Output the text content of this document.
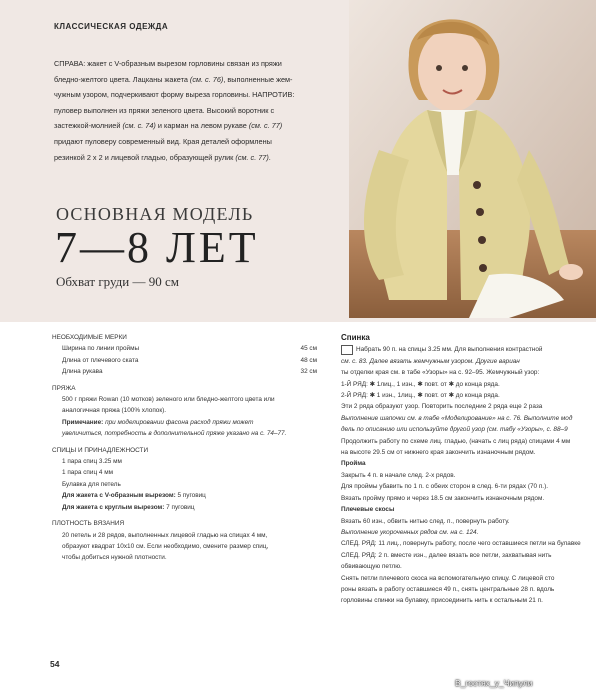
КЛАССИЧЕСКАЯ ОДЕЖДА

СПРАВА: жакет с V-образным вырезом горловины связан из пряжи

бледно-желтого цвета. Лацканы жакета (см. с. 76), выполненные жем-

чужным узором, подчеркивают форму выреза горловины. НАПРОТИВ:

пуловер выполнен из пряжи зеленого цвета. Высокий воротник с

застежкой-молнией (см. с. 74) и карман на левом рукаве (см. с. 77)

придают пуловеру современный вид. Края деталей оформлены

резинкой 2 х 2 и лицевой гладью, образующей рулик (см. с. 77).

ОСНОВНАЯ МОДЕЛЬ
7—8 ЛЕТ
Обхват груди — 90 см

НЕОБХОДИМЫЕ МЕРКИ

Ширина по линии проймы	45 см
Длина от плечевого ската	48 см
Длина рукава	32 см

ПРЯЖА

500 г пряжи Rowan (10 мотков) зеленого или бледно-желтого цвета или

аналогичная пряжа (100% хлопок).

Примечание: при моделировании фасона расход пряжи может

увеличиться, потребность в дополнительной пряже указано на с. 74–77.

СПИЦЫ И ПРИНАДЛЕЖНОСТИ

1 пара спиц 3.25 мм

1 пара спиц 4 мм

Булавка для петель

Для жакета с V-образным вырезом: 5 пуговиц

Для жакета с круглым вырезом: 7 пуговиц

ПЛОТНОСТЬ ВЯЗАНИЯ

20 петель и 28 рядов, выполненных лицевой гладью на спицах 4 мм,

образуют квадрат 10х10 см. Если необходимо, смените размер спиц,

чтобы добиться нужной плотности.

Спинка

Набрать 90 п. на спицы 3.25 мм. Для выполнения контрастной

см. с. 83. Далее вязать жемчужным узором. Другие вариан

ты отделки края см. в табе «Узоры» на с. 92–95. Жемчужный узор:

1-Й РЯД: ✱ 1лиц., 1 изн., ✱ повт. от ✱ до конца ряда.

2-Й РЯД: ✱ 1 изн., 1лиц., ✱ повт. от ✱ до конца ряда.

Эти 2 ряда образуют узор. Повторить последние 2 ряда еще 2 раза

Выполнение шапочки см. в табе «Моделирование» на с. 76. Выполните мод

дель по описанию или используйте другой узор (см. табу «Узоры», с. 88–9

Продолжить работу по схеме лиц. гладью, (начать с лиц ряда) спицами 4 мм

на высоте 29.5 см от нижнего края закончить изнаночным рядом.

Пройма

Закрыть 4 п. в начале след. 2-х рядов.

Для проймы убавить по 1 п. с обеих сторон в след. 6-ти рядах (70 п.).

Вязать пройму прямо и через 18.5 см закончить изнаночным рядом.

Плечевые скосы

Вязать 60 изн., обвить нитью след. п., повернуть работу.

Выполнение укороченных рядов см. на с. 124.

СЛЕД. РЯД: 11 лиц., повернуть работу, после чего оставшиеся петли на булавке

СЛЕД. РЯД: 2 п. вместе изн., далее вязать все петли, захватывая нить

обвивающую петлю.

Снять петли плечевого скоса на вспомогательную спицу. С лицевой сто

роны вязать в работу оставшиеся 49 п., снять центральные 28 п. вдоль

горловины спинки на булавку, присоединить нить к остальным 21 п.

54
В_гостях_у_Чипули
